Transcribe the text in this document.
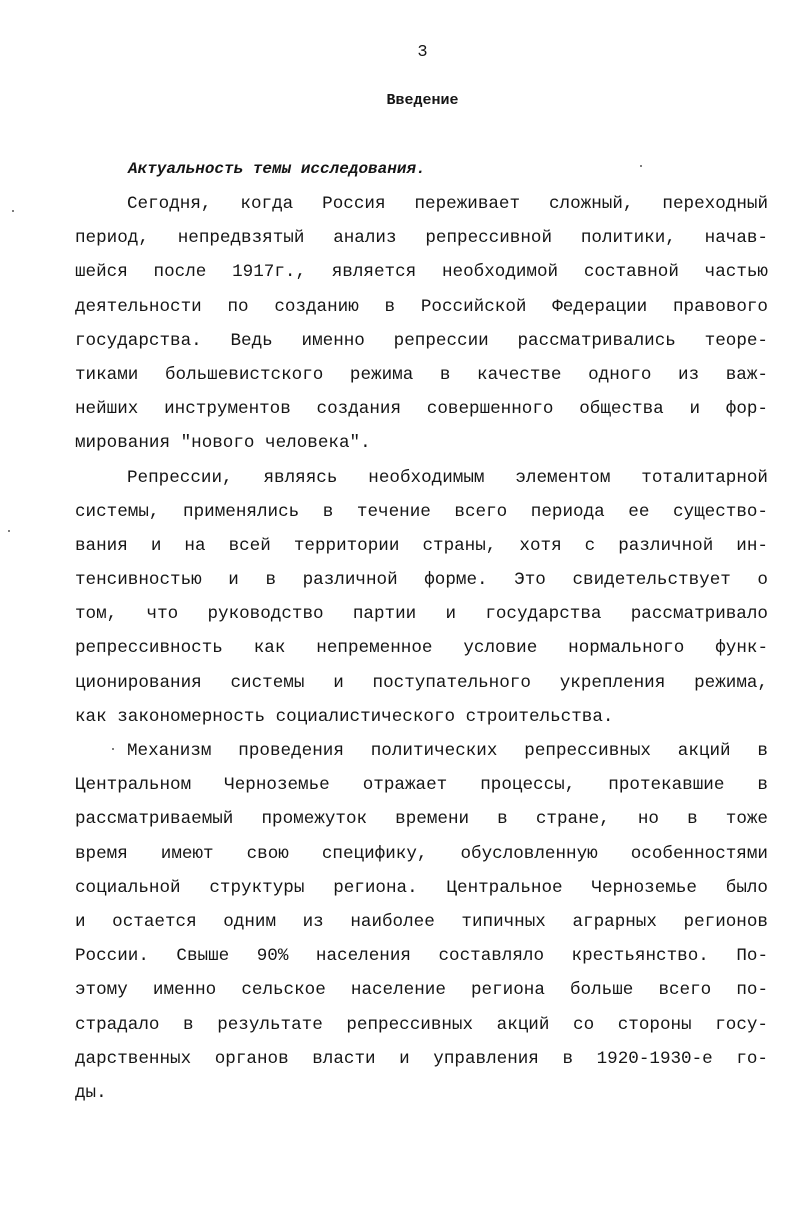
3
Введение
Актуальность темы исследования.
Сегодня, когда Россия переживает сложный, переходный
период, непредвзятый анализ репрессивной политики, начав-
шейся после 1917г., является необходимой составной частью
деятельности по созданию в Российской Федерации правового
государства. Ведь именно репрессии рассматривались теоре-
тиками большевистского режима в качестве одного из важ-
нейших инструментов создания совершенного общества и фор-
мирования "нового человека".
Репрессии, являясь необходимым элементом тоталитарной
системы, применялись в течение всего периода ее существо-
вания и на всей территории страны, хотя с различной ин-
тенсивностью и в различной форме. Это свидетельствует о
том, что руководство партии и государства рассматривало
репрессивность как непременное условие нормального функ-
ционирования системы и поступательного укрепления режима,
как закономерность социалистического строительства.
Механизм проведения политических репрессивных акций в
Центральном Черноземье отражает процессы, протекавшие в
рассматриваемый промежуток времени в стране, но в тоже
время имеют свою специфику, обусловленную особенностями
социальной структуры региона. Центральное Черноземье было
и остается одним из наиболее типичных аграрных регионов
России. Свыше 90% населения составляло крестьянство. По-
этому именно сельское население региона больше всего по-
страдало в результате репрессивных акций со стороны госу-
дарственных органов власти и управления в 1920-1930-е го-
ды.
